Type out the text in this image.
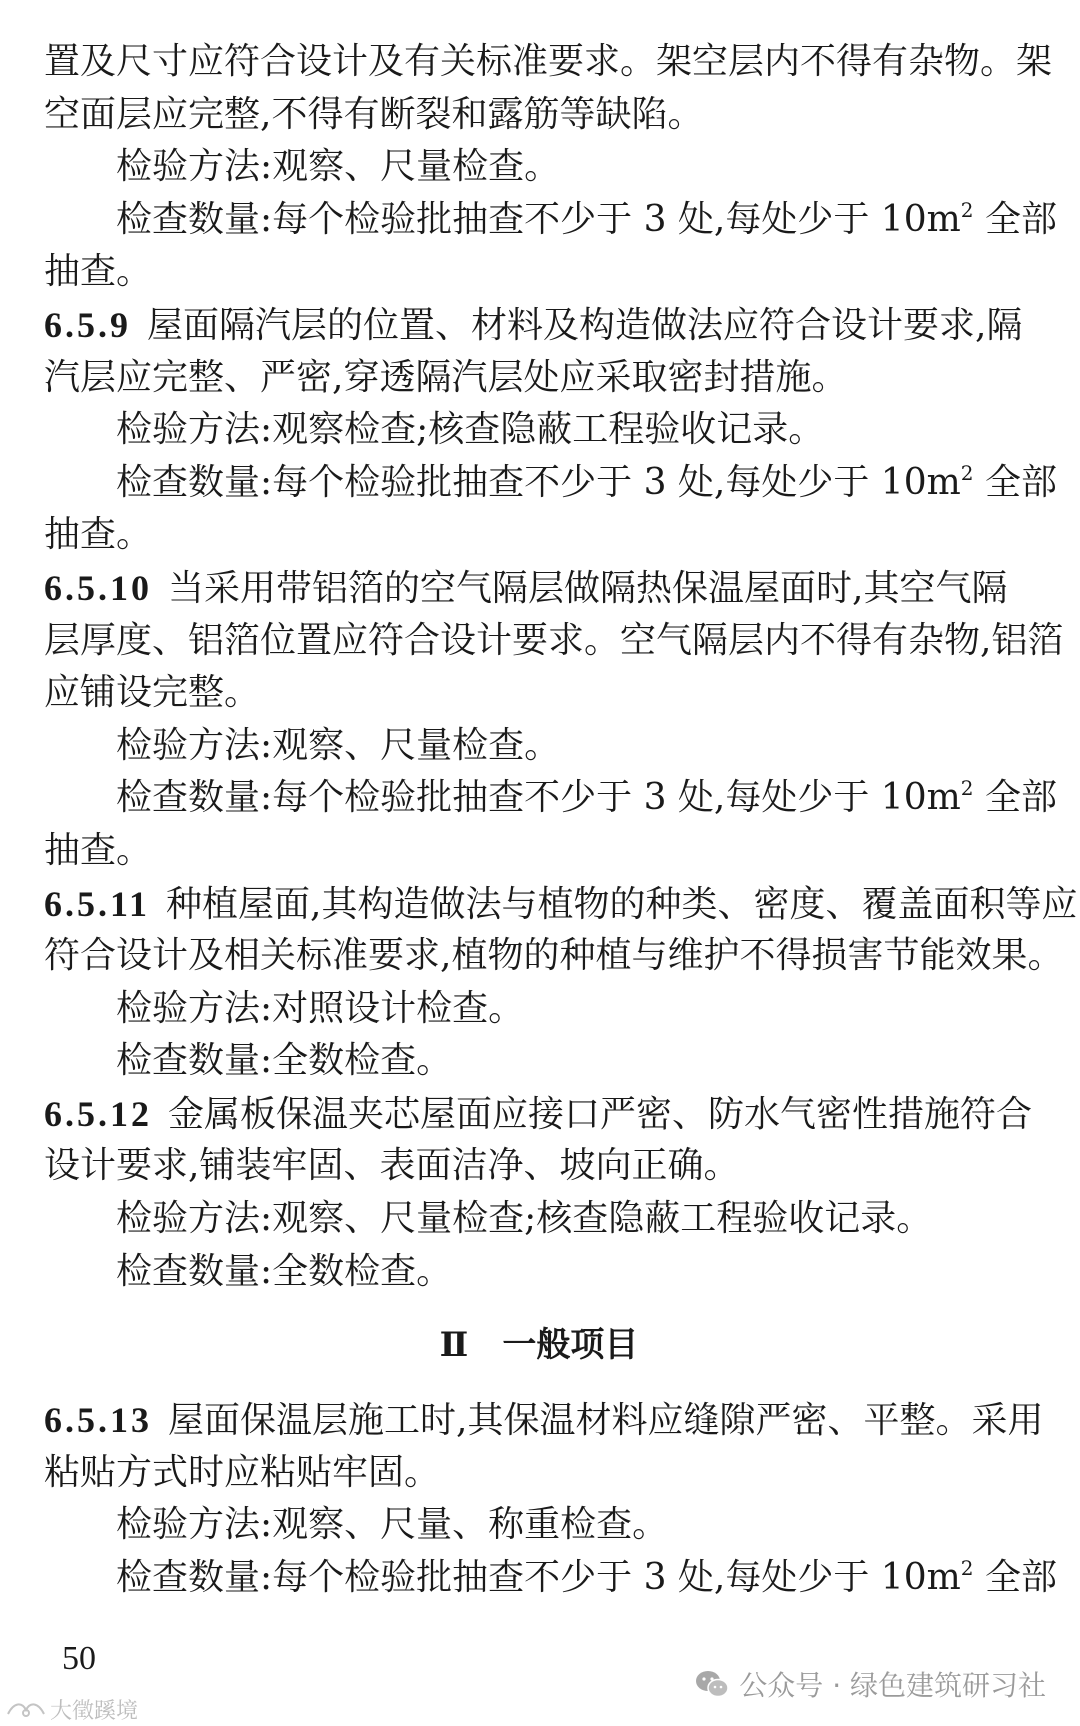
置及尺寸应符合设计及有关标准要求。架空层内不得有杂物。架
空面层应完整,不得有断裂和露筋等缺陷。
检验方法:观察、尺量检查。
检查数量:每个检验批抽查不少于 3 处,每处少于 $10m^2$ 全部
抽查。
6.5.9 屋面隔汽层的位置、材料及构造做法应符合设计要求,隔
汽层应完整、严密,穿透隔汽层处应采取密封措施。
检验方法:观察检查;核查隐蔽工程验收记录。
检查数量:每个检验批抽查不少于 3 处,每处少于 $10m^2$ 全部
抽查。
6.5.10 当采用带铝箔的空气隔层做隔热保温屋面时,其空气隔
层厚度、铝箔位置应符合设计要求。空气隔层内不得有杂物,铝箔
应铺设完整。
检验方法:观察、尺量检查。
检查数量:每个检验批抽查不少于 3 处,每处少于 $10m^2$ 全部
抽查。
6.5.11 种植屋面,其构造做法与植物的种类、密度、覆盖面积等应
符合设计及相关标准要求,植物的种植与维护不得损害节能效果。
检验方法:对照设计检查。
检查数量:全数检查。
6.5.12 金属板保温夹芯屋面应接口严密、防水气密性措施符合
设计要求,铺装牢固、表面洁净、坡向正确。
检验方法:观察、尺量检查;核查隐蔽工程验收记录。
检查数量:全数检查。
Ⅱ 一般项目
6.5.13 屋面保温层施工时,其保温材料应缝隙严密、平整。采用
粘贴方式时应粘贴牢固。
检验方法:观察、尺量、称重检查。
检查数量:每个检验批抽查不少于 3 处,每处少于 $10m^2$ 全部
50
公众号 · 绿色建筑研习社
大徵蹊境
